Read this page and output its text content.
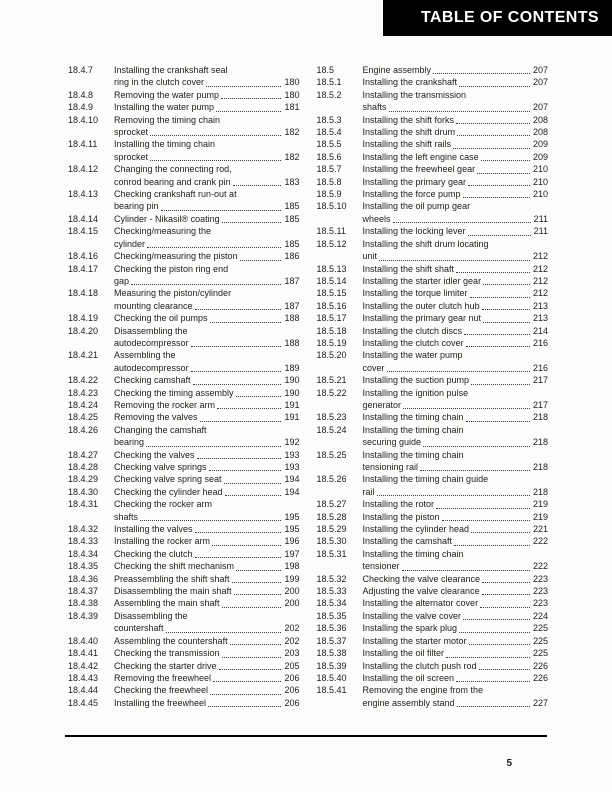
TABLE OF CONTENTS
18.4.7	Installing the crankshaft seal
ring in the clutch cover	180
18.4.8	Removing the water pump	180
18.4.9	Installing the water pump	181
18.4.10	Removing the timing chain
sprocket	182
18.4.11	Installing the timing chain
sprocket	182
18.4.12	Changing the connecting rod,
conrod bearing and crank pin	183
18.4.13	Checking crankshaft run-out at
bearing pin	185
18.4.14	Cylinder - Nikasil® coating	185
18.4.15	Checking/measuring the
cylinder	185
18.4.16	Checking/measuring the piston	186
18.4.17	Checking the piston ring end
gap	187
18.4.18	Measuring the piston/cylinder
mounting clearance	187
18.4.19	Checking the oil pumps	188
18.4.20	Disassembling the
autodecompressor	188
18.4.21	Assembling the
autodecompressor	189
18.4.22	Checking camshaft	190
18.4.23	Checking the timing assembly	190
18.4.24	Removing the rocker arm	191
18.4.25	Removing the valves	191
18.4.26	Changing the camshaft
bearing	192
18.4.27	Checking the valves	193
18.4.28	Checking valve springs	193
18.4.29	Checking valve spring seat	194
18.4.30	Checking the cylinder head	194
18.4.31	Checking the rocker arm
shafts	195
18.4.32	Installing the valves	195
18.4.33	Installing the rocker arm	196
18.4.34	Checking the clutch	197
18.4.35	Checking the shift mechanism	198
18.4.36	Preassembling the shift shaft	199
18.4.37	Disassembling the main shaft	200
18.4.38	Assembling the main shaft	200
18.4.39	Disassembling the
countershaft	202
18.4.40	Assembling the countershaft	202
18.4.41	Checking the transmission	203
18.4.42	Checking the starter drive	205
18.4.43	Removing the freewheel	206
18.4.44	Checking the freewheel	206
18.4.45	Installing the freewheel	206
18.5	Engine assembly	207
18.5.1	Installing the crankshaft	207
18.5.2	Installing the transmission
shafts	207
18.5.3	Installing the shift forks	208
18.5.4	Installing the shift drum	208
18.5.5	Installing the shift rails	209
18.5.6	Installing the left engine case	209
18.5.7	Installing the freewheel gear	210
18.5.8	Installing the primary gear	210
18.5.9	Installing the force pump	210
18.5.10	Installing the oil pump gear
wheels	211
18.5.11	Installing the locking lever	211
18.5.12	Installing the shift drum locating
unit	212
18.5.13	Installing the shift shaft	212
18.5.14	Installing the starter idler gear	212
18.5.15	Installing the torque limiter	212
18.5.16	Installing the outer clutch hub	213
18.5.17	Installing the primary gear nut	213
18.5.18	Installing the clutch discs	214
18.5.19	Installing the clutch cover	216
18.5.20	Installing the water pump
cover	216
18.5.21	Installing the suction pump	217
18.5.22	Installing the ignition pulse
generator	217
18.5.23	Installing the timing chain	218
18.5.24	Installing the timing chain
securing guide	218
18.5.25	Installing the timing chain
tensioning rail	218
18.5.26	Installing the timing chain guide
rail	218
18.5.27	Installing the rotor	219
18.5.28	Installing the piston	219
18.5.29	Installing the cylinder head	221
18.5.30	Installing the camshaft	222
18.5.31	Installing the timing chain
tensioner	222
18.5.32	Checking the valve clearance	223
18.5.33	Adjusting the valve clearance	223
18.5.34	Installing the alternator cover	223
18.5.35	Installing the valve cover	224
18.5.36	Installing the spark plug	225
18.5.37	Installing the starter motor	225
18.5.38	Installing the oil filter	225
18.5.39	Installing the clutch push rod	226
18.5.40	Installing the oil screen	226
18.5.41	Removing the engine from the
engine assembly stand	227
5
